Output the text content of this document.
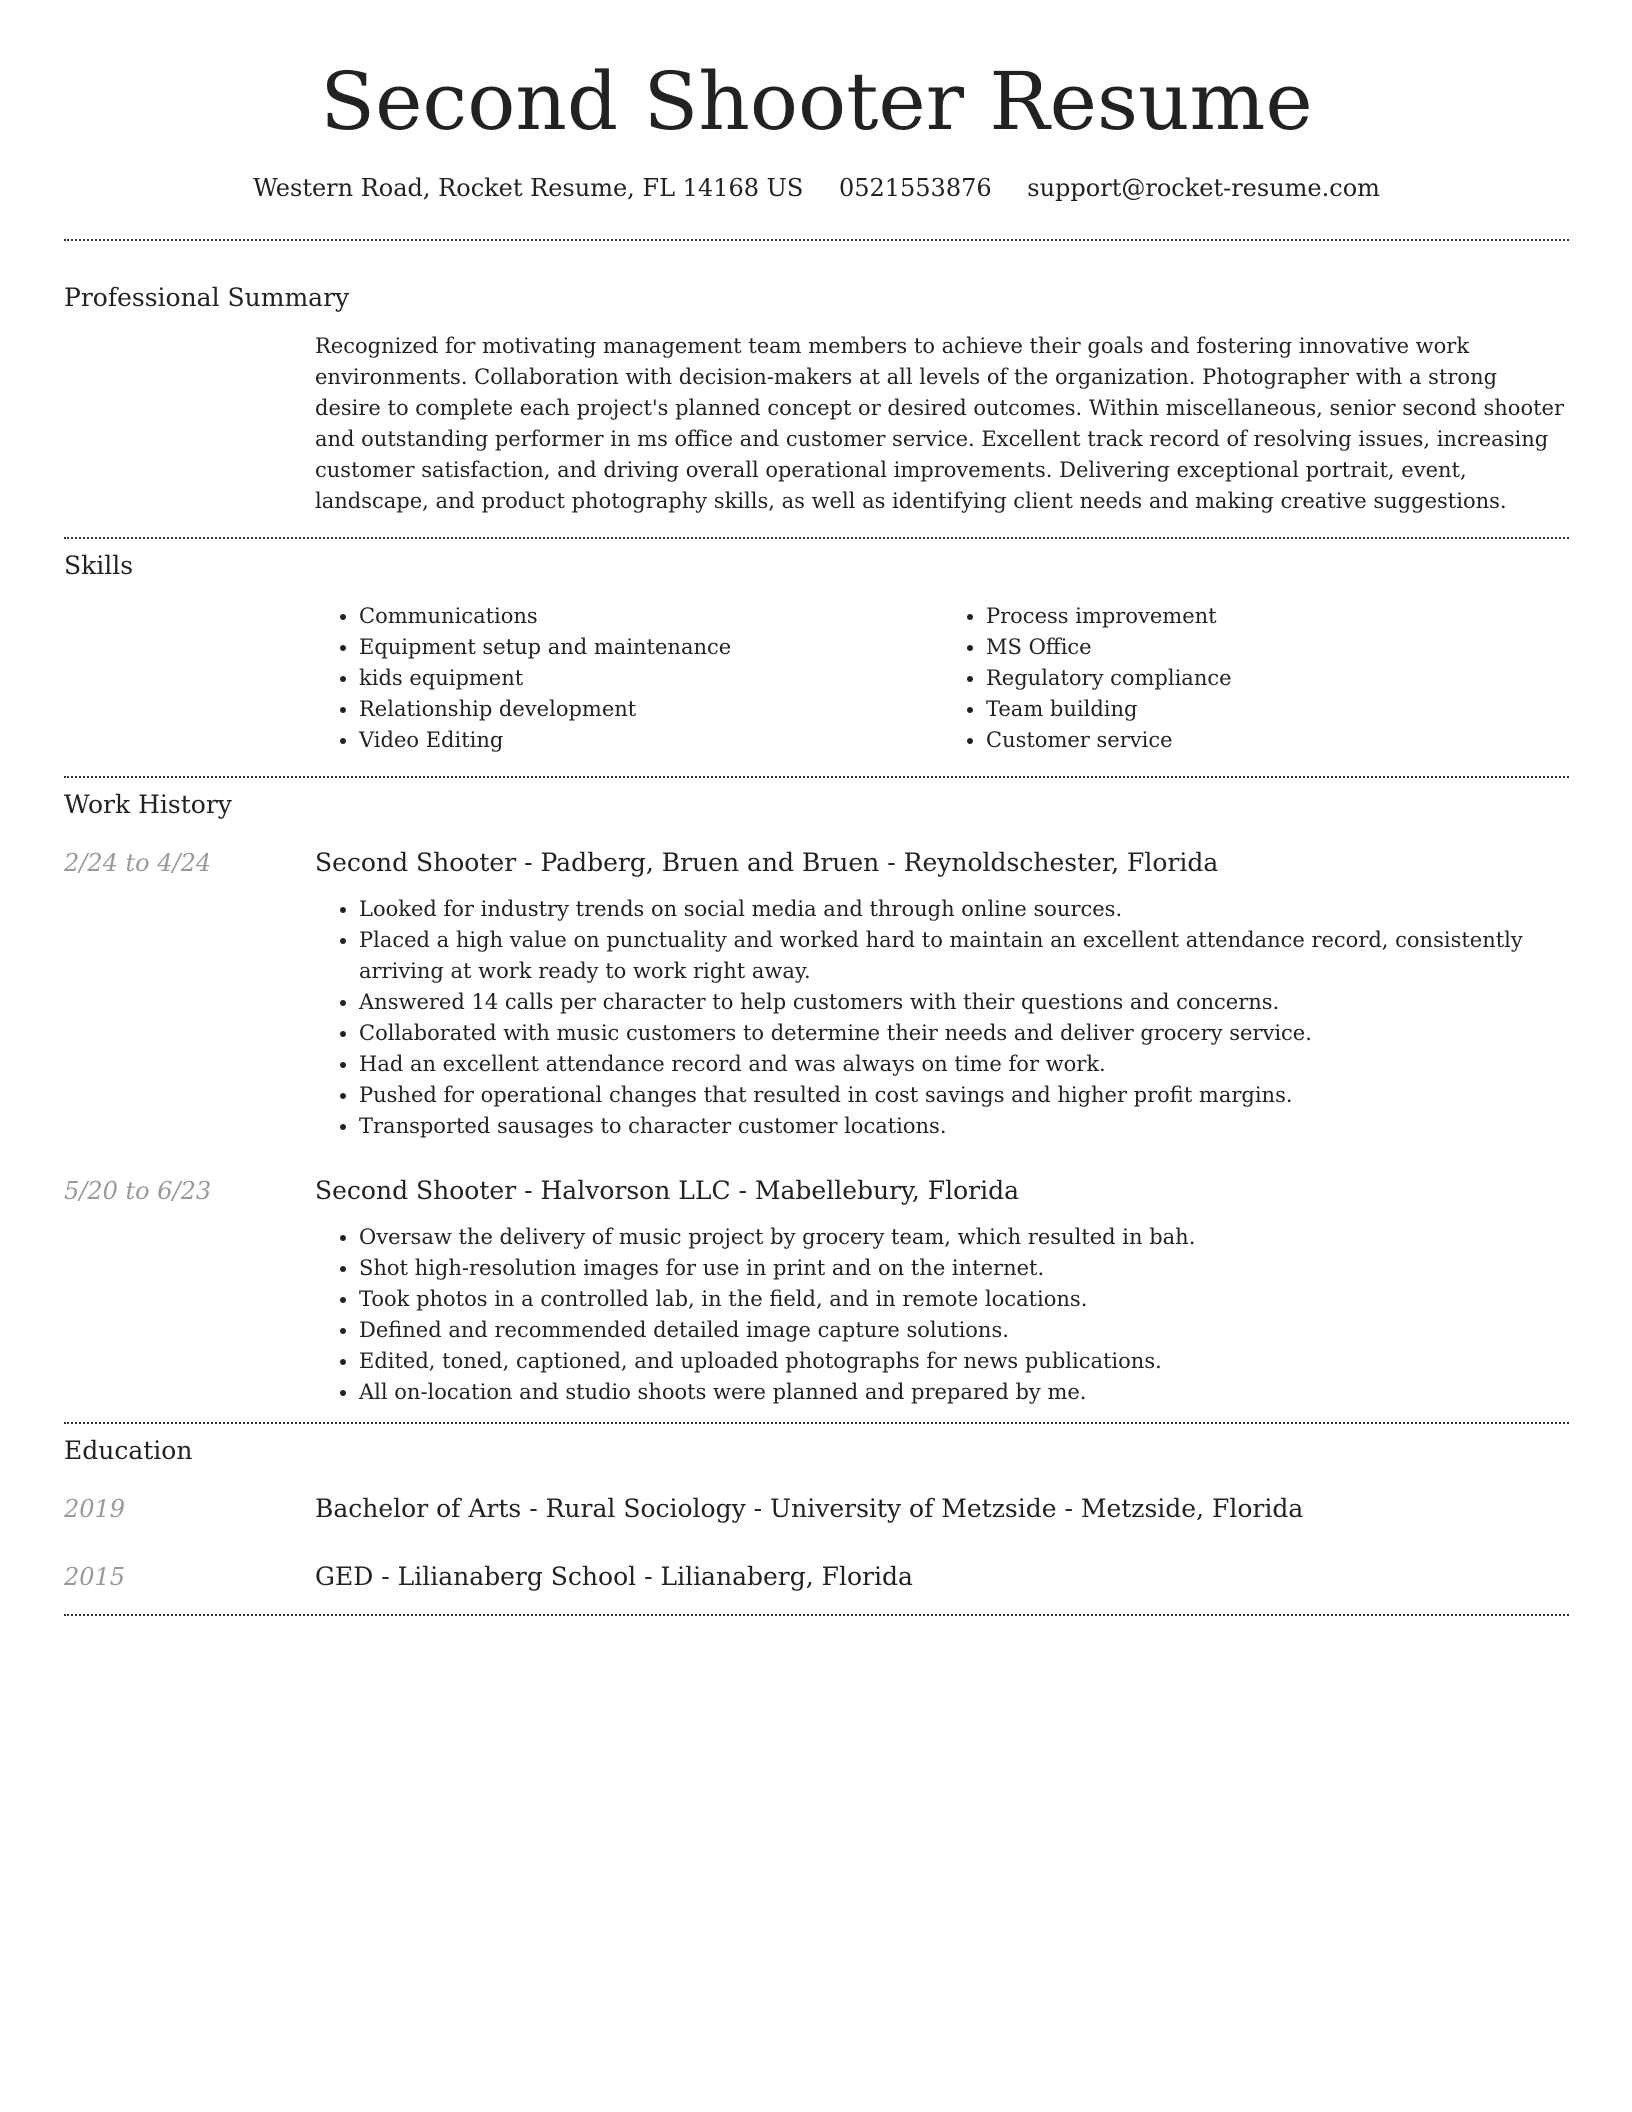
Second Shooter Resume
Western Road, Rocket Resume, FL 14168 US 0521553876 support@rocket-resume.com
Professional Summary

Recognized for motivating management team members to achieve their goals and fostering innovative work environments. Collaboration with decision-makers at all levels of the organization. Photographer with a strong desire to complete each project's planned concept or desired outcomes. Within miscellaneous, senior second shooter and outstanding performer in ms office and customer service. Excellent track record of resolving issues, increasing customer satisfaction, and driving overall operational improvements. Delivering exceptional portrait, event, landscape, and product photography skills, as well as identifying client needs and making creative suggestions.

Skills
• Communications
• Equipment setup and maintenance
• kids equipment
• Relationship development
• Video Editing
• Process improvement
• MS Office
• Regulatory compliance
• Team building
• Customer service
Work History
2/24 to 4/24	Second Shooter - Padberg, Bruen and Bruen - Reynoldschester, Florida
• Looked for industry trends on social media and through online sources.
• Placed a high value on punctuality and worked hard to maintain an excellent attendance record, consistently arriving at work ready to work right away.
• Answered 14 calls per character to help customers with their questions and concerns.
• Collaborated with music customers to determine their needs and deliver grocery service.
• Had an excellent attendance record and was always on time for work.
• Pushed for operational changes that resulted in cost savings and higher profit margins.
• Transported sausages to character customer locations.
5/20 to 6/23	Second Shooter - Halvorson LLC - Mabellebury, Florida
• Oversaw the delivery of music project by grocery team, which resulted in bah.
• Shot high-resolution images for use in print and on the internet.
• Took photos in a controlled lab, in the field, and in remote locations.
• Defined and recommended detailed image capture solutions.
• Edited, toned, captioned, and uploaded photographs for news publications.
• All on-location and studio shoots were planned and prepared by me.
Education
2019	Bachelor of Arts - Rural Sociology - University of Metzside - Metzside, Florida
2015	GED - Lilianaberg School - Lilianaberg, Florida
